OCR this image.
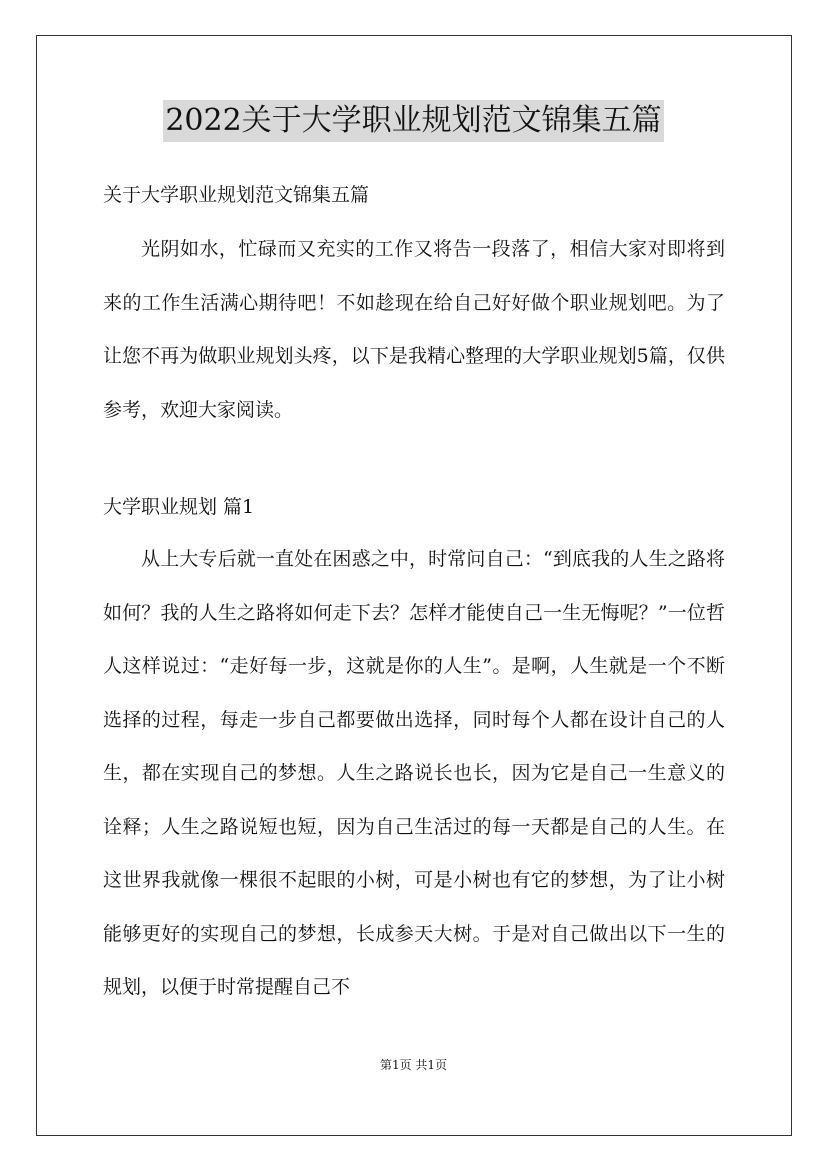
2022关于大学职业规划范文锦集五篇

关于大学职业规划范文锦集五篇

光阴如水，忙碌而又充实的工作又将告一段落了，相信大家对即将到来的工作生活满心期待吧！不如趁现在给自己好好做个职业规划吧。为了让您不再为做职业规划头疼，以下是我精心整理的大学职业规划5篇，仅供参考，欢迎大家阅读。

大学职业规划 篇1

从上大专后就一直处在困惑之中，时常问自己：“到底我的人生之路将如何？我的人生之路将如何走下去？怎样才能使自己一生无悔呢？”一位哲人这样说过：“走好每一步，这就是你的人生”。是啊，人生就是一个不断选择的过程，每走一步自己都要做出选择，同时每个人都在设计自己的人生，都在实现自己的梦想。人生之路说长也长，因为它是自己一生意义的诠释；人生之路说短也短，因为自己生活过的每一天都是自己的人生。在这世界我就像一棵很不起眼的小树，可是小树也有它的梦想，为了让小树能够更好的实现自己的梦想，长成参天大树。于是对自己做出以下一生的规划，以便于时常提醒自己不

第1页 共1页
